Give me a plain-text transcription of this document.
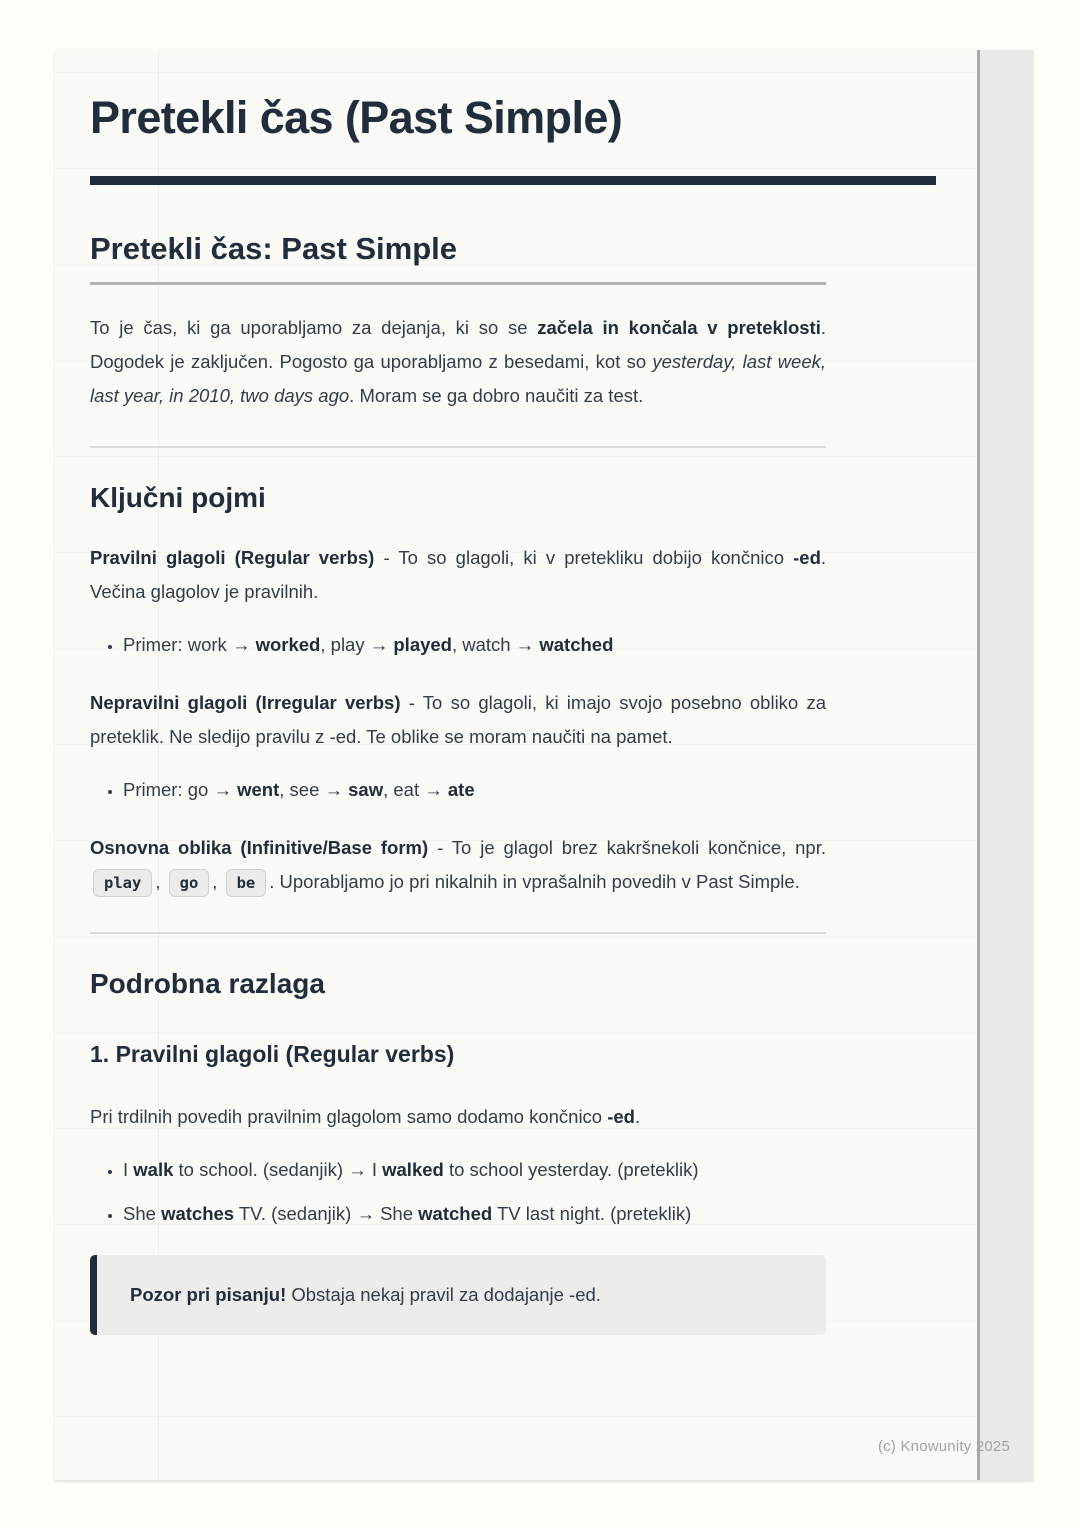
Pretekli čas (Past Simple)
Pretekli čas: Past Simple

To je čas, ki ga uporabljamo za dejanja, ki so se začela in končala v preteklosti. Dogodek je zaključen. Pogosto ga uporabljamo z besedami, kot so yesterday, last week, last year, in 2010, two days ago. Moram se ga dobro naučiti za test.

Ključni pojmi

Pravilni glagoli (Regular verbs) - To so glagoli, ki v pretekliku dobijo končnico -ed. Večina glagolov je pravilnih.

• Primer: work → worked, play → played, watch → watched

Nepravilni glagoli (Irregular verbs) - To so glagoli, ki imajo svojo posebno obliko za preteklik. Ne sledijo pravilu z -ed. Te oblike se moram naučiti na pamet.

• Primer: go → went, see → saw, eat → ate

Osnovna oblika (Infinitive/Base form) - To je glagol brez kakršnekoli končnice, npr. play , go , be . Uporabljamo jo pri nikalnih in vprašalnih povedih v Past Simple.

Podrobna razlaga
1. Pravilni glagoli (Regular verbs)

Pri trdilnih povedih pravilnim glagolom samo dodamo končnico -ed.

• I walk to school. (sedanjik) → I walked to school yesterday. (preteklik)
• She watches TV. (sedanjik) → She watched TV last night. (preteklik)

Pozor pri pisanju! Obstaja nekaj pravil za dodajanje -ed.

(c) Knowunity 2025
